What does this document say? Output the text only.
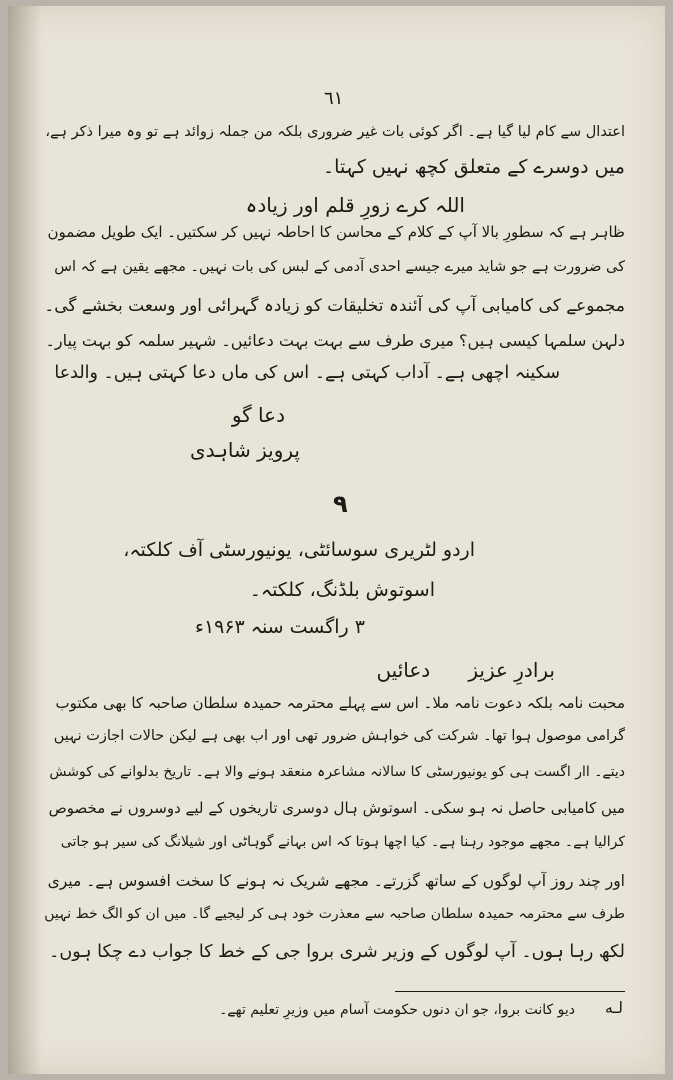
٦١
اعتدال سے کام لیا گیا ہے۔ اگر کوئی بات غیر ضروری بلکہ من جملہ زوائد ہے تو وہ میرا ذکر ہے،
میں دوسرے کے متعلق کچھ نہیں کہتا۔
اللہ کرے زورِ قلم اور زیادہ
ظاہر ہے کہ سطورِ بالا آپ کے کلام کے محاسن کا احاطہ نہیں کر سکتیں۔ ایک طویل مضمون
کی ضرورت ہے جو شاید میرے جیسے احدی آدمی کے لبس کی بات نہیں۔ مجھے یقین ہے کہ اس
مجموعے کی کامیابی آپ کی آئندہ تخلیقات کو زیادہ گہرائی اور وسعت بخشے گی۔
دلہن سلمہا کیسی ہیں؟ میری طرف سے بہت بہت دعائیں۔ شہیر سلمہ کو بہت پیار۔
سکینہ اچھی ہے۔ آداب کہتی ہے۔ اس کی ماں دعا کہتی ہیں۔ والدعا
دعا گو
پرویز شاہدی
۹
اردو لٹریری سوسائٹی، یونیورسٹی آف کلکتہ،
اسوتوش بلڈنگ، کلکتہ۔
۳ راگست سنہ ۱۹۶۳ء
برادرِ عزیز      دعائیں
محبت نامہ بلکہ دعوت نامہ ملا۔ اس سے پہلے محترمہ حمیدہ سلطان صاحبہ کا بھی مکتوب
گرامی موصول ہوا تھا۔ شرکت کی خواہش ضرور تھی اور اب بھی ہے لیکن حالات اجازت نہیں
دیتے۔ اار اگست ہی کو یونیورسٹی کا سالانہ مشاعرہ منعقد ہونے والا ہے۔ تاریخ بدلوانے کی کوشش
میں کامیابی حاصل نہ ہو سکی۔ اسوتوش ہال دوسری تاریخوں کے لیے دوسروں نے مخصوص
کرالیا ہے۔ مجھے موجود رہنا ہے۔ کیا اچھا ہوتا کہ اس بہانے گوہاٹی اور شیلانگ کی سیر ہو جاتی
اور چند روز آپ لوگوں کے ساتھ گزرتے۔ مجھے شریک نہ ہونے کا سخت افسوس ہے۔ میری
طرف سے محترمہ حمیدہ سلطان صاحبہ سے معذرت خود ہی کر لیجیے گا۔ میں ان کو الگ خط نہیں
لکھ رہا ہوں۔ آپ لوگوں کے وزیر شری بروا جی کے خط کا جواب دے چکا ہوں۔
لـه
دیو کانت بروا، جو ان دنوں حکومت آسام میں وزیرِ تعلیم تھے۔
